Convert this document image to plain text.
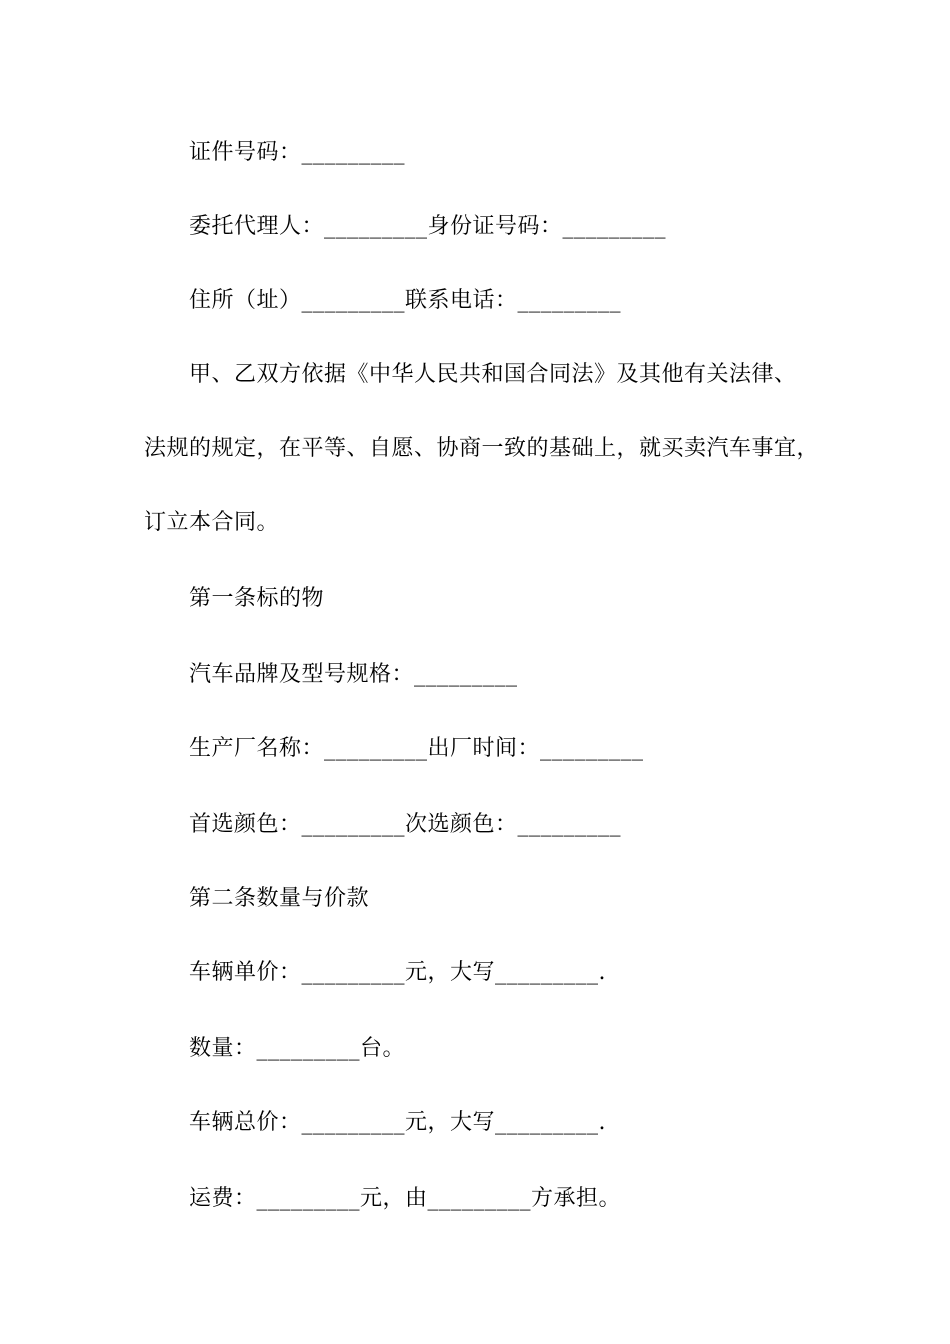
证件号码：_________
委托代理人：_________身份证号码：_________
住所（址）_________联系电话：_________
甲、乙双方依据《中华人民共和国合同法》及其他有关法律、
法规的规定，在平等、自愿、协商一致的基础上，就买卖汽车事宜，
订立本合同。
第一条标的物
汽车品牌及型号规格：_________
生产厂名称：_________出厂时间：_________
首选颜色：_________次选颜色：_________
第二条数量与价款
车辆单价：_________元，大写_________.
数量：_________台。
车辆总价：_________元，大写_________.
运费：_________元，由_________方承担。
